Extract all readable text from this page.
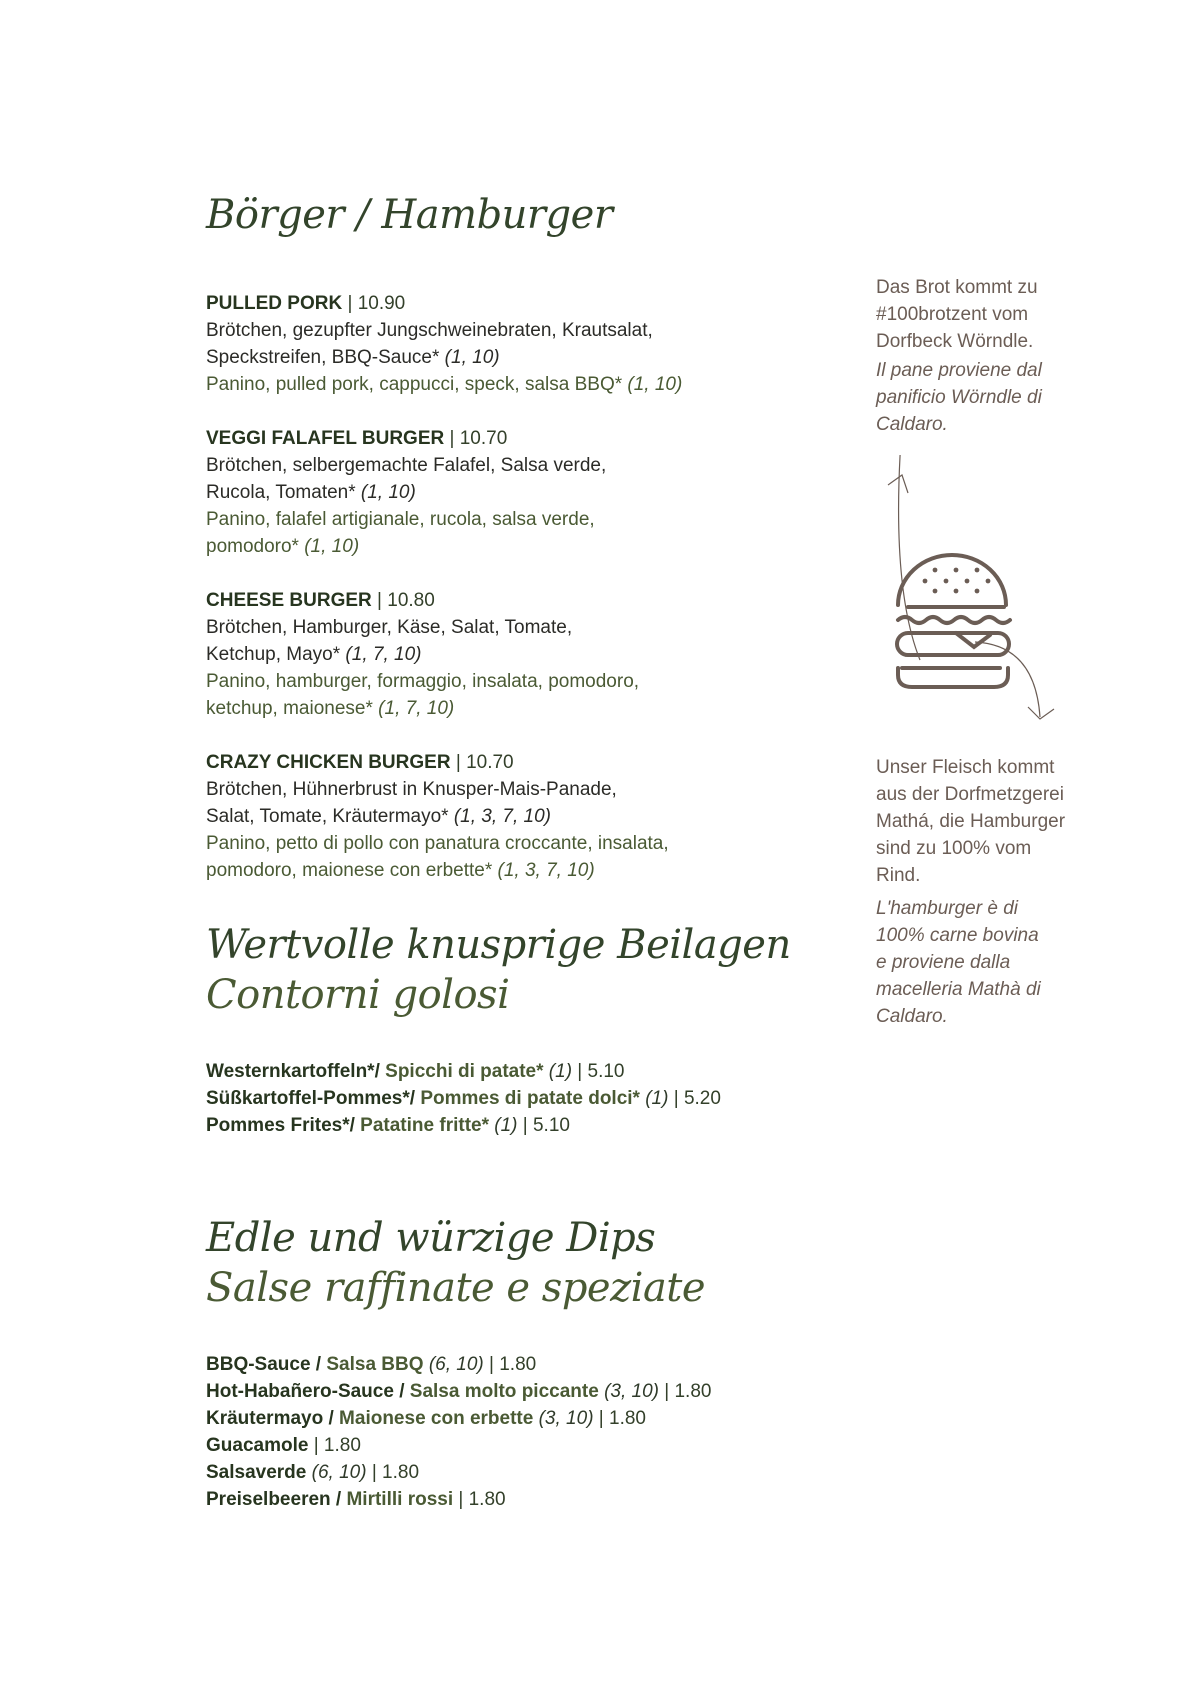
Börger / Hamburger
PULLED PORK | 10.90
Brötchen, gezupfter Jungschweinebraten, Krautsalat,
Speckstreifen, BBQ-Sauce* (1, 10)
Panino, pulled pork, cappucci, speck, salsa BBQ* (1, 10)
VEGGI FALAFEL BURGER | 10.70
Brötchen, selbergemachte Falafel, Salsa verde,
Rucola, Tomaten* (1, 10)
Panino, falafel artigianale, rucola, salsa verde,
pomodoro* (1, 10)
CHEESE BURGER | 10.80
Brötchen, Hamburger, Käse, Salat, Tomate,
Ketchup, Mayo* (1, 7, 10)
Panino, hamburger, formaggio, insalata, pomodoro,
ketchup, maionese* (1, 7, 10)
CRAZY CHICKEN BURGER | 10.70
Brötchen, Hühnerbrust in Knusper-Mais-Panade,
Salat, Tomate, Kräutermayo* (1, 3, 7, 10)
Panino, petto di pollo con panatura croccante, insalata,
pomodoro, maionese con erbette* (1, 3, 7, 10)
Wertvolle knusprige Beilagen
Contorni golosi
Westernkartoffeln*/ Spicchi di patate* (1) | 5.10
Süßkartoffel-Pommes*/ Pommes di patate dolci* (1) | 5.20
Pommes Frites*/ Patatine fritte* (1) | 5.10
Edle und würzige Dips
Salse raffinate e speziate
BBQ-Sauce / Salsa BBQ (6, 10) | 1.80
Hot-Habañero-Sauce / Salsa molto piccante (3, 10) | 1.80
Kräutermayo / Maionese con erbette (3, 10) | 1.80
Guacamole | 1.80
Salsaverde (6, 10) | 1.80
Preiselbeeren / Mirtilli rossi | 1.80
Das Brot kommt zu
#100brotzent vom
Dorfbeck Wörndle.
Il pane proviene dal
panificio Wörndle di
Caldaro.
Unser Fleisch kommt
aus der Dorfmetzgerei
Mathá, die Hamburger
sind zu 100% vom
Rind.
L'hamburger è di
100% carne bovina
e proviene dalla
macelleria Mathà di
Caldaro.
